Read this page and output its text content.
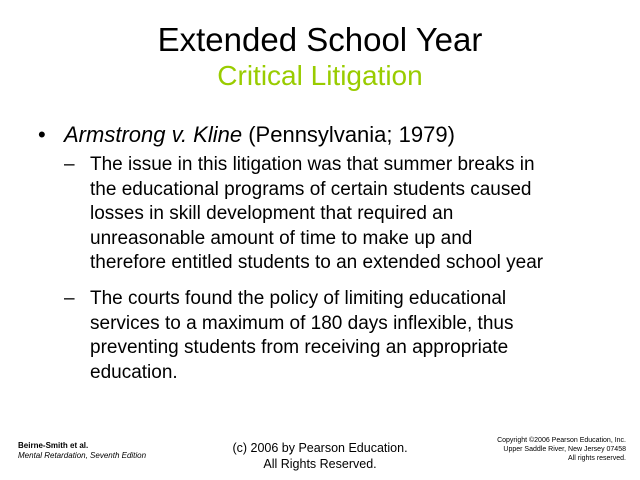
Extended School Year
Critical Litigation
• Armstrong v. Kline (Pennsylvania; 1979)
– The issue in this litigation was that summer breaks in
the educational programs of certain students caused
losses in skill development that required an
unreasonable amount of time to make up and
therefore entitled students to an extended school year
– The courts found the policy of limiting educational
services to a maximum of 180 days inflexible, thus
preventing students from receiving an appropriate
education.
Beirne-Smith et al.
Mental Retardation, Seventh Edition
(c) 2006 by Pearson Education.
All Rights Reserved.
Copyright ©2006 Pearson Education, Inc.
Upper Saddle River, New Jersey 07458
All rights reserved.
